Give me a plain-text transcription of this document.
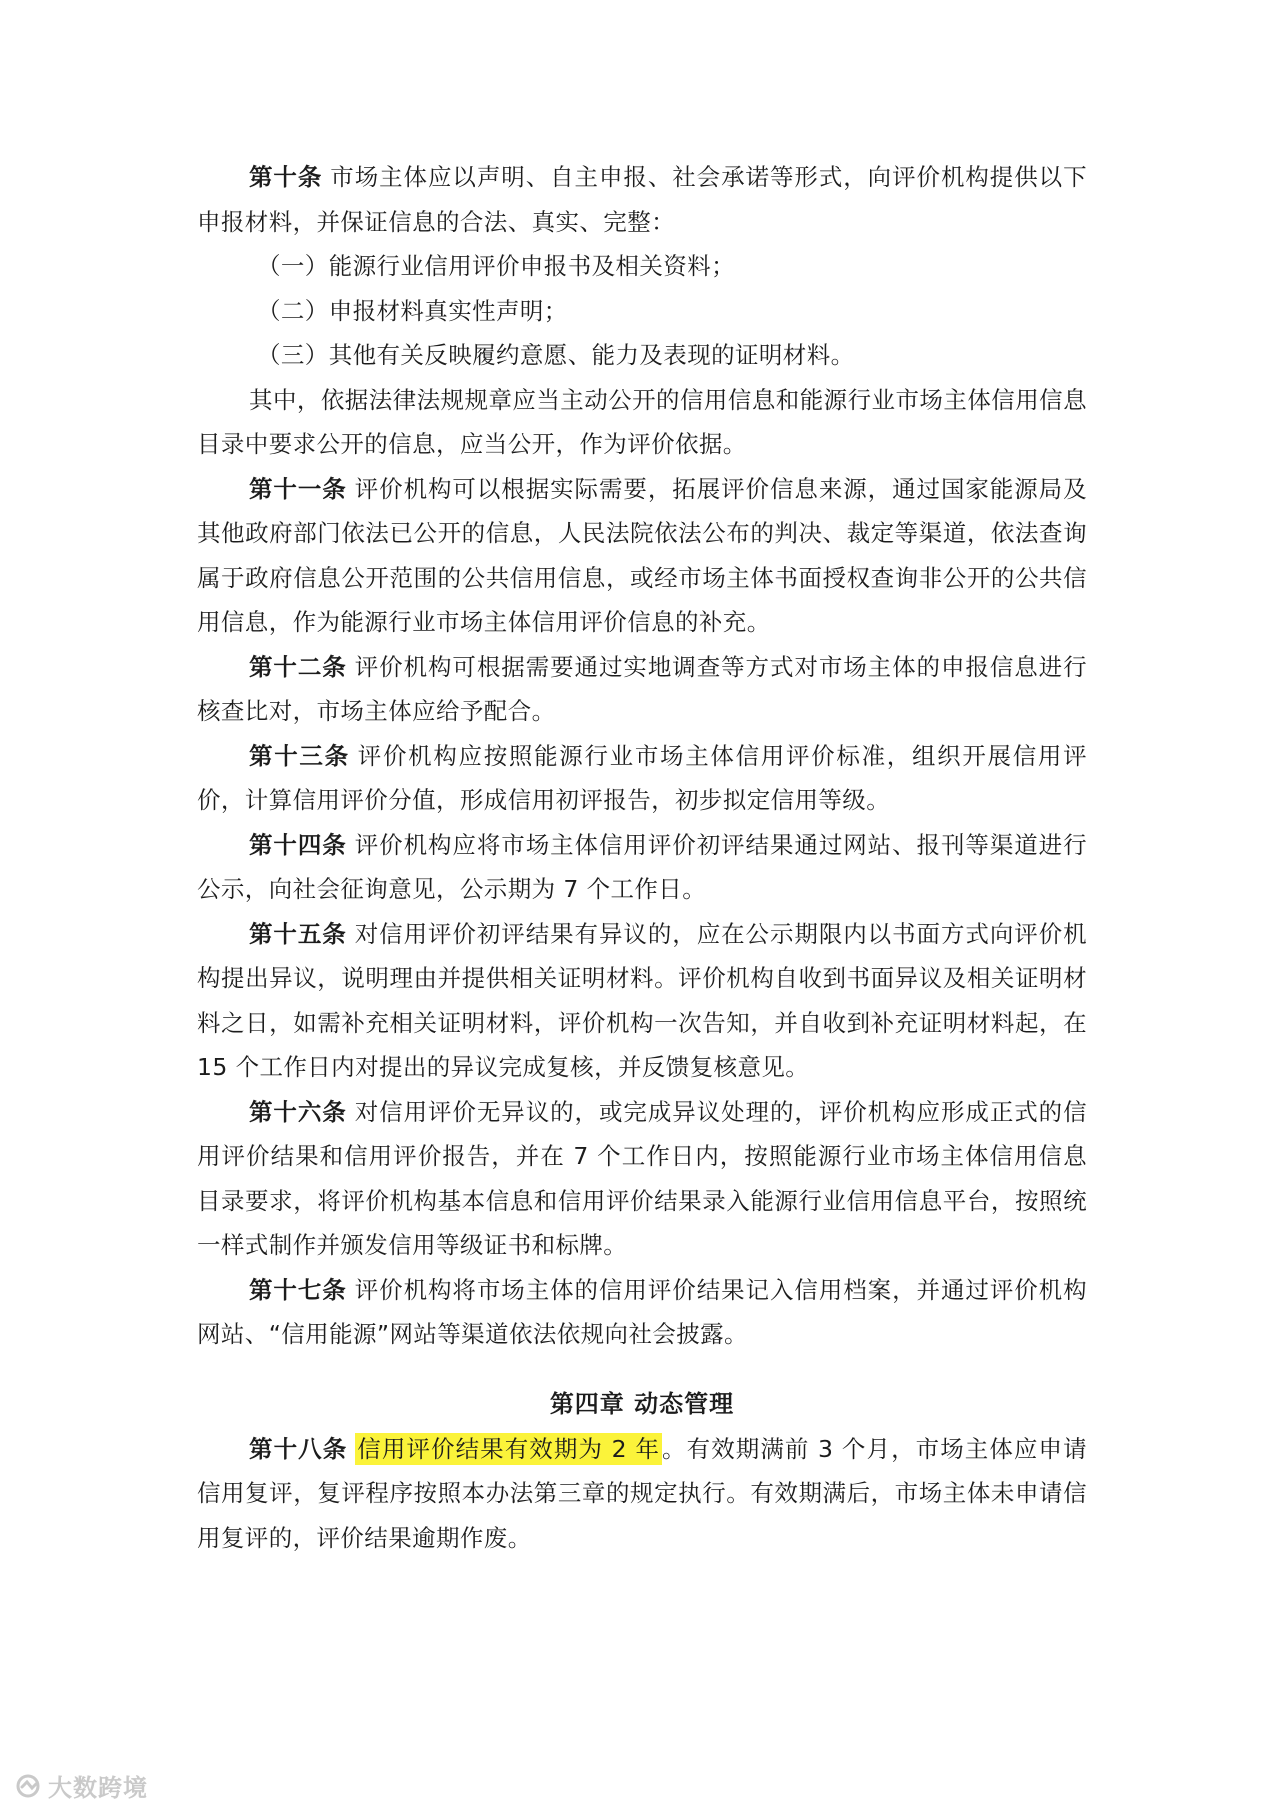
第十条 市场主体应以声明、自主申报、社会承诺等形式，向评价机构提供以下申报材料，并保证信息的合法、真实、完整：

（一）能源行业信用评价申报书及相关资料；

（二）申报材料真实性声明；

（三）其他有关反映履约意愿、能力及表现的证明材料。

其中，依据法律法规规章应当主动公开的信用信息和能源行业市场主体信用信息目录中要求公开的信息，应当公开，作为评价依据。

第十一条 评价机构可以根据实际需要，拓展评价信息来源，通过国家能源局及其他政府部门依法已公开的信息，人民法院依法公布的判决、裁定等渠道，依法查询属于政府信息公开范围的公共信用信息，或经市场主体书面授权查询非公开的公共信用信息，作为能源行业市场主体信用评价信息的补充。

第十二条 评价机构可根据需要通过实地调查等方式对市场主体的申报信息进行核查比对，市场主体应给予配合。

第十三条 评价机构应按照能源行业市场主体信用评价标准，组织开展信用评价，计算信用评价分值，形成信用初评报告，初步拟定信用等级。

第十四条 评价机构应将市场主体信用评价初评结果通过网站、报刊等渠道进行公示，向社会征询意见，公示期为 7 个工作日。

第十五条 对信用评价初评结果有异议的，应在公示期限内以书面方式向评价机构提出异议，说明理由并提供相关证明材料。评价机构自收到书面异议及相关证明材料之日，如需补充相关证明材料，评价机构一次告知，并自收到补充证明材料起，在 15 个工作日内对提出的异议完成复核，并反馈复核意见。

第十六条 对信用评价无异议的，或完成异议处理的，评价机构应形成正式的信用评价结果和信用评价报告，并在 7 个工作日内，按照能源行业市场主体信用信息目录要求，将评价机构基本信息和信用评价结果录入能源行业信用信息平台，按照统一样式制作并颁发信用等级证书和标牌。

第十七条 评价机构将市场主体的信用评价结果记入信用档案，并通过评价机构网站、“信用能源”网站等渠道依法依规向社会披露。

第四章 动态管理

第十八条 信用评价结果有效期为 2 年。有效期满前 3 个月，市场主体应申请信用复评，复评程序按照本办法第三章的规定执行。有效期满后，市场主体未申请信用复评的，评价结果逾期作废。

大数跨境
